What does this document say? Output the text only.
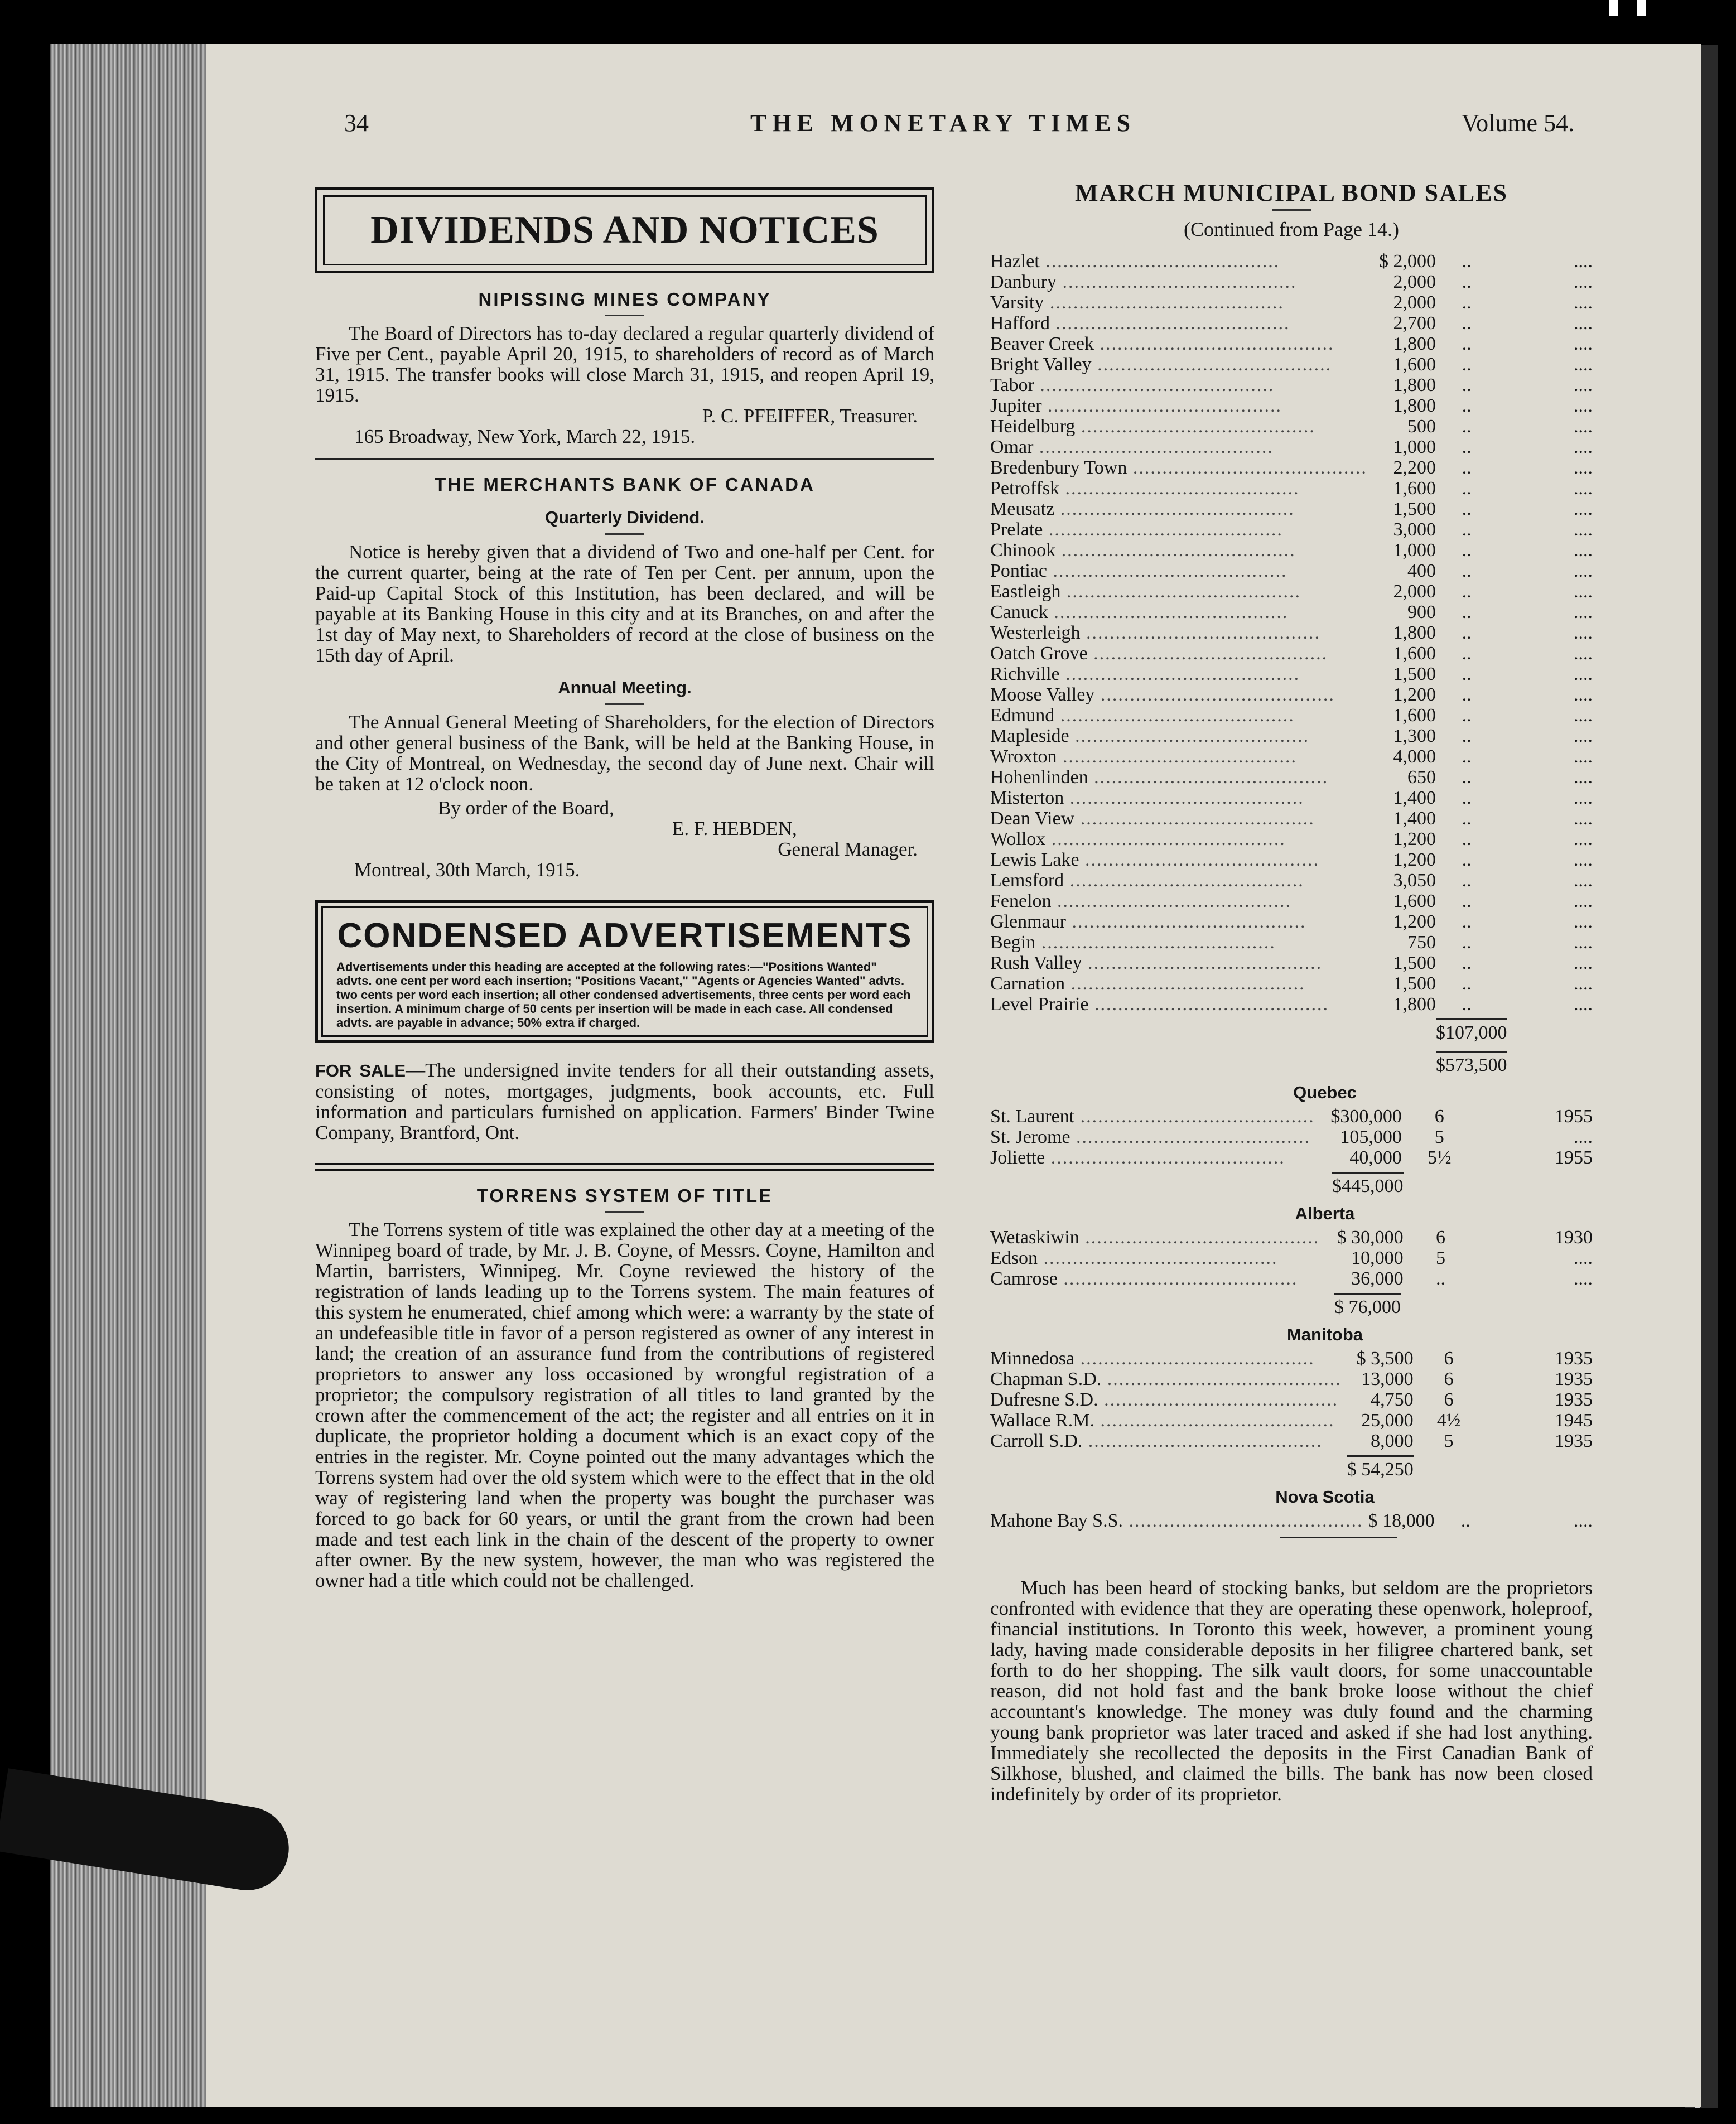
34	THE MONETARY TIMES	Volume 54.
DIVIDENDS AND NOTICES
NIPISSING MINES COMPANY

The Board of Directors has to-day declared a regular quarterly dividend of Five per Cent., payable April 20, 1915, to shareholders of record as of March 31, 1915. The transfer books will close March 31, 1915, and reopen April 19, 1915.

P. C. PFEIFFER, Treasurer.
165 Broadway, New York, March 22, 1915.
THE MERCHANTS BANK OF CANADA
Quarterly Dividend.

Notice is hereby given that a dividend of Two and one-half per Cent. for the current quarter, being at the rate of Ten per Cent. per annum, upon the Paid-up Capital Stock of this Institution, has been declared, and will be payable at its Banking House in this city and at its Branches, on and after the 1st day of May next, to Shareholders of record at the close of business on the 15th day of April.

Annual Meeting.

The Annual General Meeting of Shareholders, for the election of Directors and other general business of the Bank, will be held at the Banking House, in the City of Montreal, on Wednesday, the second day of June next. Chair will be taken at 12 o'clock noon.

By order of the Board,
E. F. HEBDEN,
General Manager.
Montreal, 30th March, 1915.
CONDENSED ADVERTISEMENTS
Advertisements under this heading are accepted at the following rates:—"Positions Wanted" advts. one cent per word each insertion; "Positions Vacant," "Agents or Agencies Wanted" advts. two cents per word each insertion; all other condensed advertisements, three cents per word each insertion. A minimum charge of 50 cents per insertion will be made in each case. All condensed advts. are payable in advance; 50% extra if charged.

FOR SALE—The undersigned invite tenders for all their outstanding assets, consisting of notes, mortgages, judgments, book accounts, etc. Full information and particulars furnished on application. Farmers' Binder Twine Company, Brantford, Ont.

TORRENS SYSTEM OF TITLE

The Torrens system of title was explained the other day at a meeting of the Winnipeg board of trade, by Mr. J. B. Coyne, of Messrs. Coyne, Hamilton and Martin, barristers, Winnipeg. Mr. Coyne reviewed the history of the registration of lands leading up to the Torrens system. The main features of this system he enumerated, chief among which were: a warranty by the state of an undefeasible title in favor of a person registered as owner of any interest in land; the creation of an assurance fund from the contributions of registered proprietors to answer any loss occasioned by wrongful registration of a proprietor; the compulsory registration of all titles to land granted by the crown after the commencement of the act; the register and all entries on it in duplicate, the proprietor holding a document which is an exact copy of the entries in the register. Mr. Coyne pointed out the many advantages which the Torrens system had over the old system which were to the effect that in the old way of registering land when the property was bought the purchaser was forced to go back for 60 years, or until the grant from the crown had been made and test each link in the chain of the descent of the property to owner after owner. By the new system, however, the man who was registered the owner had a title which could not be challenged.

MARCH MUNICIPAL BOND SALES
(Continued from Page 14.)
Hazlet ........................................	$ 2,000	..	....
Danbury ........................................	2,000	..	....
Varsity ........................................	2,000	..	....
Hafford ........................................	2,700	..	....
Beaver Creek ........................................	1,800	..	....
Bright Valley ........................................	1,600	..	....
Tabor ........................................	1,800	..	....
Jupiter ........................................	1,800	..	....
Heidelburg ........................................	500	..	....
Omar ........................................	1,000	..	....
Bredenbury Town ........................................	2,200	..	....
Petroffsk ........................................	1,600	..	....
Meusatz ........................................	1,500	..	....
Prelate ........................................	3,000	..	....
Chinook ........................................	1,000	..	....
Pontiac ........................................	400	..	....
Eastleigh ........................................	2,000	..	....
Canuck ........................................	900	..	....
Westerleigh ........................................	1,800	..	....
Oatch Grove ........................................	1,600	..	....
Richville ........................................	1,500	..	....
Moose Valley ........................................	1,200	..	....
Edmund ........................................	1,600	..	....
Mapleside ........................................	1,300	..	....
Wroxton ........................................	4,000	..	....
Hohenlinden ........................................	650	..	....
Misterton ........................................	1,400	..	....
Dean View ........................................	1,400	..	....
Wollox ........................................	1,200	..	....
Lewis Lake ........................................	1,200	..	....
Lemsford ........................................	3,050	..	....
Fenelon ........................................	1,600	..	....
Glenmaur ........................................	1,200	..	....
Begin ........................................	750	..	....
Rush Valley ........................................	1,500	..	....
Carnation ........................................	1,500	..	....
Level Prairie ........................................	1,800	..	....
		$107,000	
		$573,500	
Quebec
St. Laurent ........................................	$300,000	6	1955
St. Jerome ........................................	105,000	5	....
Joliette ........................................	40,000	5½	1955
	$445,000		
Alberta
Wetaskiwin ........................................	$ 30,000	6	1930
Edson ........................................	10,000	5	....
Camrose ........................................	36,000	..	....
	$ 76,000		
Manitoba
Minnedosa ........................................	$ 3,500	6	1935
Chapman S.D. ........................................	13,000	6	1935
Dufresne S.D. ........................................	4,750	6	1935
Wallace R.M. ........................................	25,000	4½	1945
Carroll S.D. ........................................	8,000	5	1935
	$ 54,250		
Nova Scotia
Mahone Bay S.S. ........................................	$ 18,000	..	....

Much has been heard of stocking banks, but seldom are the proprietors confronted with evidence that they are operating these openwork, holeproof, financial institutions. In Toronto this week, however, a prominent young lady, having made considerable deposits in her filigree chartered bank, set forth to do her shopping. The silk vault doors, for some unaccountable reason, did not hold fast and the bank broke loose without the chief accountant's knowledge. The money was duly found and the charming young bank proprietor was later traced and asked if she had lost anything. Immediately she recollected the deposits in the First Canadian Bank of Silkhose, blushed, and claimed the bills. The bank has now been closed indefinitely by order of its proprietor.
